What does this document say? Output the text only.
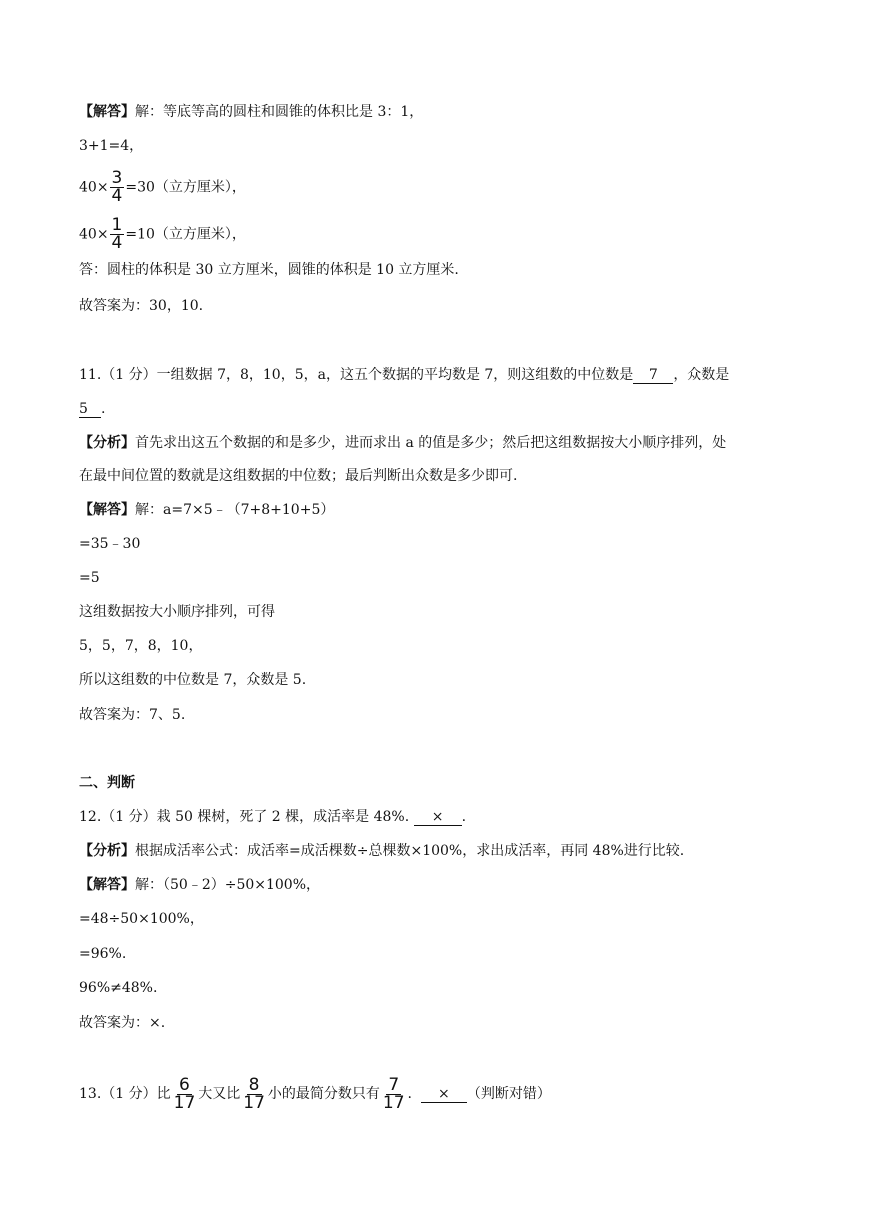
【解答】解：等底等高的圆柱和圆锥的体积比是 3：1，
3+1=4，
$40\times \frac{3}{4} =30$（立方厘米），
$40\times \frac{1}{4} =10$（立方厘米），
答：圆柱的体积是 30 立方厘米，圆锥的体积是 10 立方厘米.
故答案为：30，10.
11.（1 分）一组数据 7，8，10，5，a，这五个数据的平均数是 7，则这组数的中位数是 7 ，众数是
5 .
【分析】首先求出这五个数据的和是多少，进而求出 a 的值是多少；然后把这组数据按大小顺序排列，处
在最中间位置的数就是这组数据的中位数；最后判断出众数是多少即可.
【解答】解：a=7×5﹣（7+8+10+5）
=35﹣30
=5
这组数据按大小顺序排列，可得
5，5，7，8，10，
所以这组数的中位数是 7，众数是 5.
故答案为：7、5.
二、判断
12.（1 分）栽 50 棵树，死了 2 棵，成活率是 48%. × .
【分析】根据成活率公式：成活率=成活棵数÷总棵数×100%，求出成活率，再同 48%进行比较.
【解答】解：（50﹣2）÷50×100%，
=48÷50×100%，
=96%.
96%≠48%.
故答案为：×.
13.（1 分）比 $\frac{6}{17}$ 大又比 $\frac{8}{17}$ 小的最简分数只有 $\frac{7}{17}$ . × （判断对错）
